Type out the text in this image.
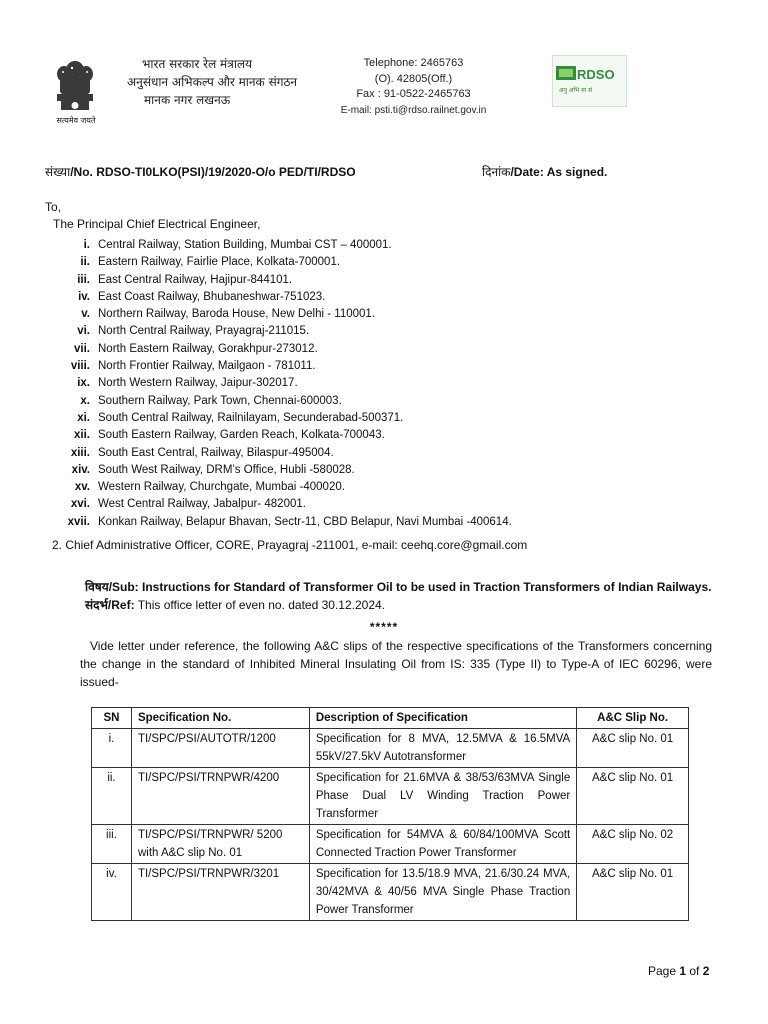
सत्यमेव जयते
भारत सरकार रेल मंत्रालय
अनुसंधान अभिकल्प और मानक संगठन
मानक नगर लखनऊ
Telephone: 2465763
(O). 42805(Off.)
Fax : 91-0522-2465763
E-mail: psti.ti@rdso.railnet.gov.in
RDSO
अनु अभि मा सं
संख्या/No. RDSO-TI0LKO(PSI)/19/2020-O/o PED/TI/RDSO	दिनांक/Date: As signed.
To,
The Principal Chief Electrical Engineer,
i. Central Railway, Station Building, Mumbai CST – 400001.
ii. Eastern Railway, Fairlie Place, Kolkata-700001.
iii. East Central Railway, Hajipur-844101.
iv. East Coast Railway, Bhubaneshwar-751023.
v. Northern Railway, Baroda House, New Delhi - 110001.
vi. North Central Railway, Prayagraj-211015.
vii. North Eastern Railway, Gorakhpur-273012.
viii. North Frontier Railway, Mailgaon - 781011.
ix. North Western Railway, Jaipur-302017.
x. Southern Railway, Park Town, Chennai-600003.
xi. South Central Railway, Railnilayam, Secunderabad-500371.
xii. South Eastern Railway, Garden Reach, Kolkata-700043.
xiii. South East Central, Railway, Bilaspur-495004.
xiv. South West Railway, DRM’s Office, Hubli -580028.
xv. Western Railway, Churchgate, Mumbai -400020.
xvi. West Central Railway, Jabalpur- 482001.
xvii. Konkan Railway, Belapur Bhavan, Sectr-11, CBD Belapur, Navi Mumbai -400614.
2. Chief Administrative Officer, CORE, Prayagraj -211001, e-mail: ceehq.core@gmail.com
विषय/Sub: Instructions for Standard of Transformer Oil to be used in Traction Transformers of Indian Railways.
संदर्भ/Ref: This office letter of even no. dated 30.12.2024.
*****
Vide letter under reference, the following A&C slips of the respective specifications of the Transformers concerning the change in the standard of Inhibited Mineral Insulating Oil from IS: 335 (Type II) to Type-A of IEC 60296, were issued-
SN	Specification No.	Description of Specification	A&C Slip No.
i.	TI/SPC/PSI/AUTOTR/1200	Specification for 8 MVA, 12.5MVA & 16.5MVA 55kV/27.5kV Autotransformer	A&C slip No. 01
ii.	TI/SPC/PSI/TRNPWR/4200	Specification for 21.6MVA & 38/53/63MVA Single Phase Dual LV Winding Traction Power Transformer	A&C slip No. 01
iii.	TI/SPC/PSI/TRNPWR/ 5200 with A&C slip No. 01	Specification for 54MVA & 60/84/100MVA Scott Connected Traction Power Transformer	A&C slip No. 02
iv.	TI/SPC/PSI/TRNPWR/3201	Specification for 13.5/18.9 MVA, 21.6/30.24 MVA, 30/42MVA & 40/56 MVA Single Phase Traction Power Transformer	A&C slip No. 01
Page 1 of 2
